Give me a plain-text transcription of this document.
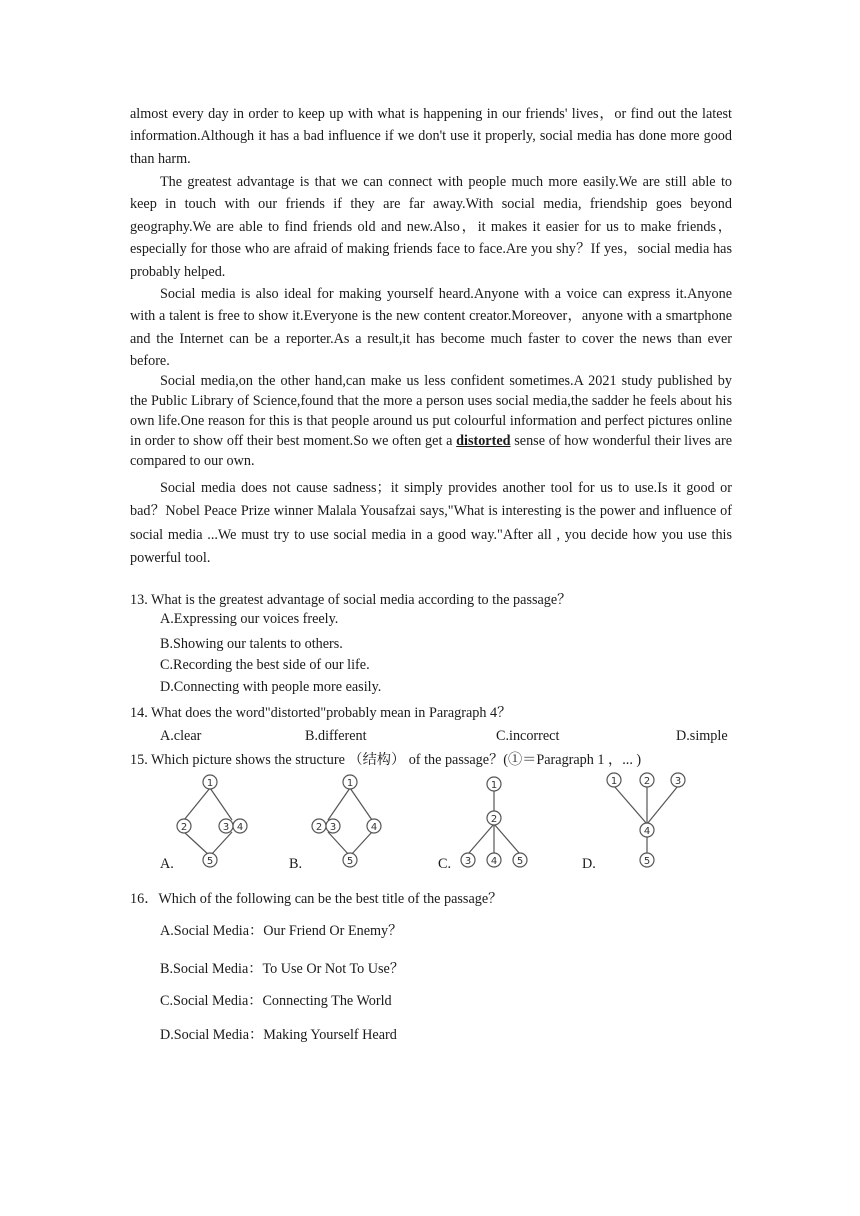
almost every day in order to keep up with what is happening in our friends' lives，or find out the latest information.Although it has a bad influence if we don't use it properly, social media has done more good than harm.

The greatest advantage is that we can connect with people much more easily.We are still able to keep in touch with our friends if they are far away.With social media, friendship goes beyond geography.We are able to find friends old and new.Also，it makes it easier for us to make friends，especially for those who are afraid of making friends face to face.Are you shy？If yes，social media has probably helped.

Social media is also ideal for making yourself heard.Anyone with a voice can express it.Anyone with a talent is free to show it.Everyone is the new content creator.Moreover，anyone with a smartphone and the Internet can be a reporter.As a result,it has become much faster to cover the news than ever before.

Social media,on the other hand,can make us less confident sometimes.A 2021 study published by the Public Library of Science,found that the more a person uses social media,the sadder he feels about his own life.One reason for this is that people around us put colourful information and perfect pictures online in order to show off their best moment.So we often get a distorted sense of how wonderful their lives are compared to our own.

Social media does not cause sadness；it simply provides another tool for us to use.Is it good or bad？Nobel Peace Prize winner Malala Yousafzai says,"What is interesting is the power and influence of social media ...We must try to use social media in a good way."After all , you decide how you use this powerful tool.

13. What is the greatest advantage of social media according to the passage？
A.Expressing our voices freely.
B.Showing our talents to others.
C.Recording the best side of our life.
D.Connecting with people more easily.
14. What does the word"distorted"probably mean in Paragraph 4？
A.clear	B.different	C.incorrect	D.simple
15. Which picture shows the structure （结构） of the passage？(①＝Paragraph 1 ，... )
1
2	3 4
5
A.
1
2 3	4
5
B.
1
2
3 4 5
C.
1	2 3
4
5
D.
16．Which of the following can be the best title of the passage？
A.Social Media：Our Friend Or Enemy？
B.Social Media：To Use Or Not To Use？
C.Social Media：Connecting The World
D.Social Media：Making Yourself Heard
